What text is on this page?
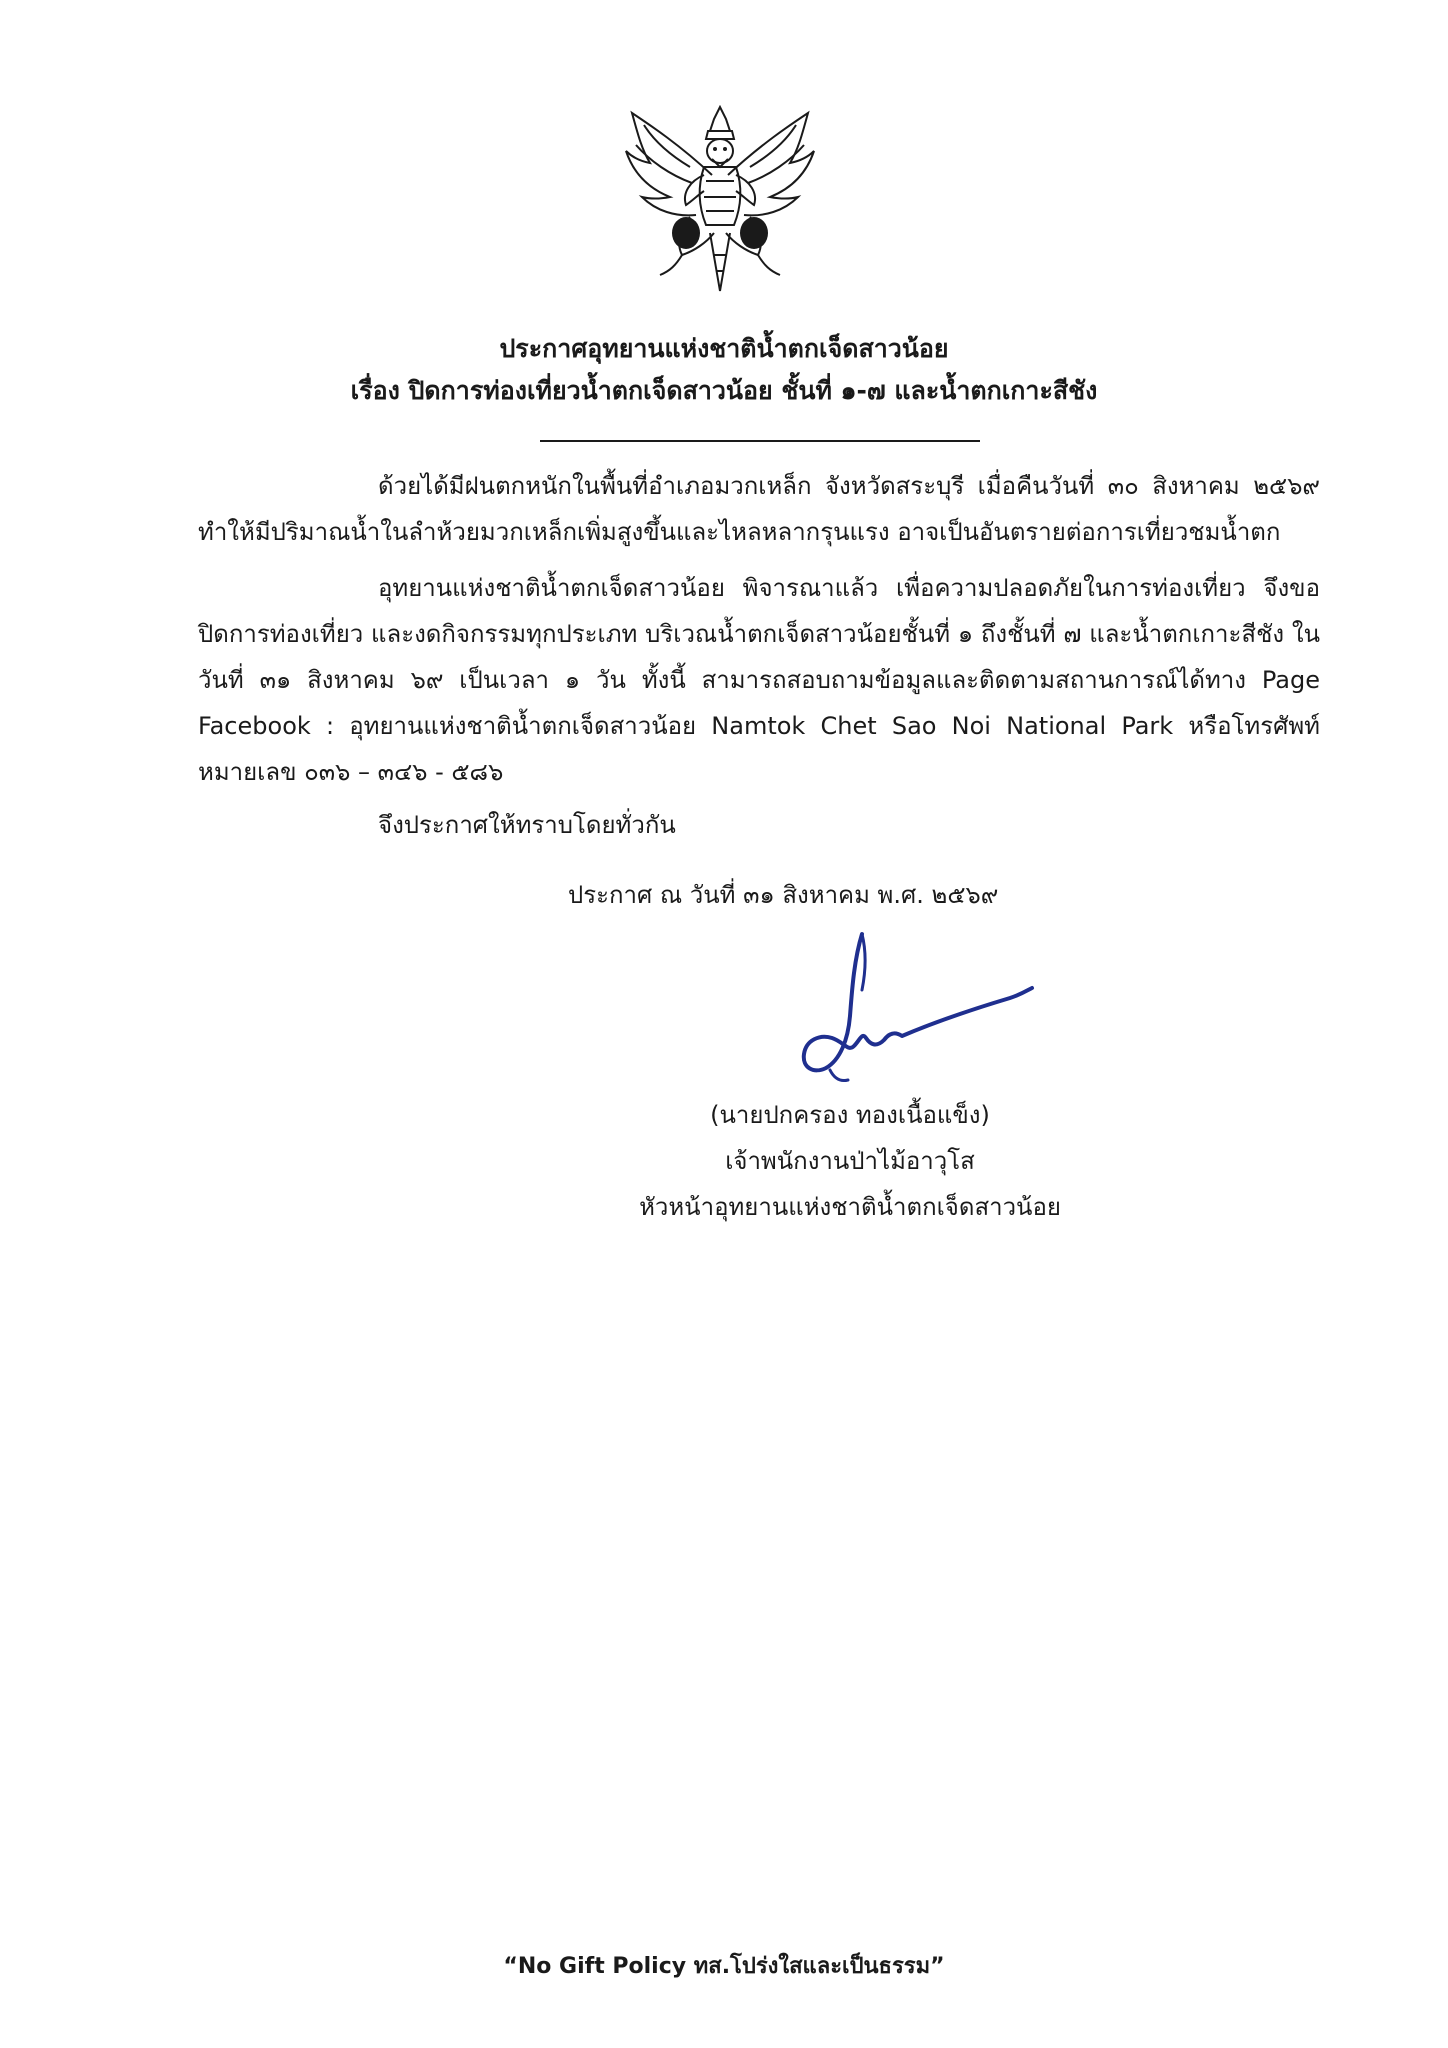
ประกาศอุทยานแห่งชาติน้ำตกเจ็ดสาวน้อย
เรื่อง ปิดการท่องเที่ยวน้ำตกเจ็ดสาวน้อย ชั้นที่ ๑-๗ และน้ำตกเกาะสีชัง

ด้วยได้มีฝนตกหนักในพื้นที่อำเภอมวกเหล็ก จังหวัดสระบุรี เมื่อคืนวันที่ ๓๐ สิงหาคม ๒๕๖๙ ทำให้มีปริมาณน้ำในลำห้วยมวกเหล็กเพิ่มสูงขึ้นและไหลหลากรุนแรง อาจเป็นอันตรายต่อการเที่ยวชมน้ำตก

อุทยานแห่งชาติน้ำตกเจ็ดสาวน้อย พิจารณาแล้ว เพื่อความปลอดภัยในการท่องเที่ยว จึงขอปิดการท่องเที่ยว และงดกิจกรรมทุกประเภท บริเวณน้ำตกเจ็ดสาวน้อยชั้นที่ ๑ ถึงชั้นที่ ๗ และน้ำตกเกาะสีชัง ในวันที่ ๓๑ สิงหาคม ๖๙ เป็นเวลา ๑ วัน ทั้งนี้ สามารถสอบถามข้อมูลและติดตามสถานการณ์ได้ทาง Page Facebook : อุทยานแห่งชาติน้ำตกเจ็ดสาวน้อย Namtok Chet Sao Noi National Park หรือโทรศัพท์หมายเลข ๐๓๖ – ๓๔๖ - ๕๘๖

จึงประกาศให้ทราบโดยทั่วกัน

ประกาศ ณ วันที่ ๓๑ สิงหาคม พ.ศ. ๒๕๖๙
(นายปกครอง ทองเนื้อแข็ง)
เจ้าพนักงานป่าไม้อาวุโส
หัวหน้าอุทยานแห่งชาติน้ำตกเจ็ดสาวน้อย
“No Gift Policy ทส.โปร่งใสและเป็นธรรม”
